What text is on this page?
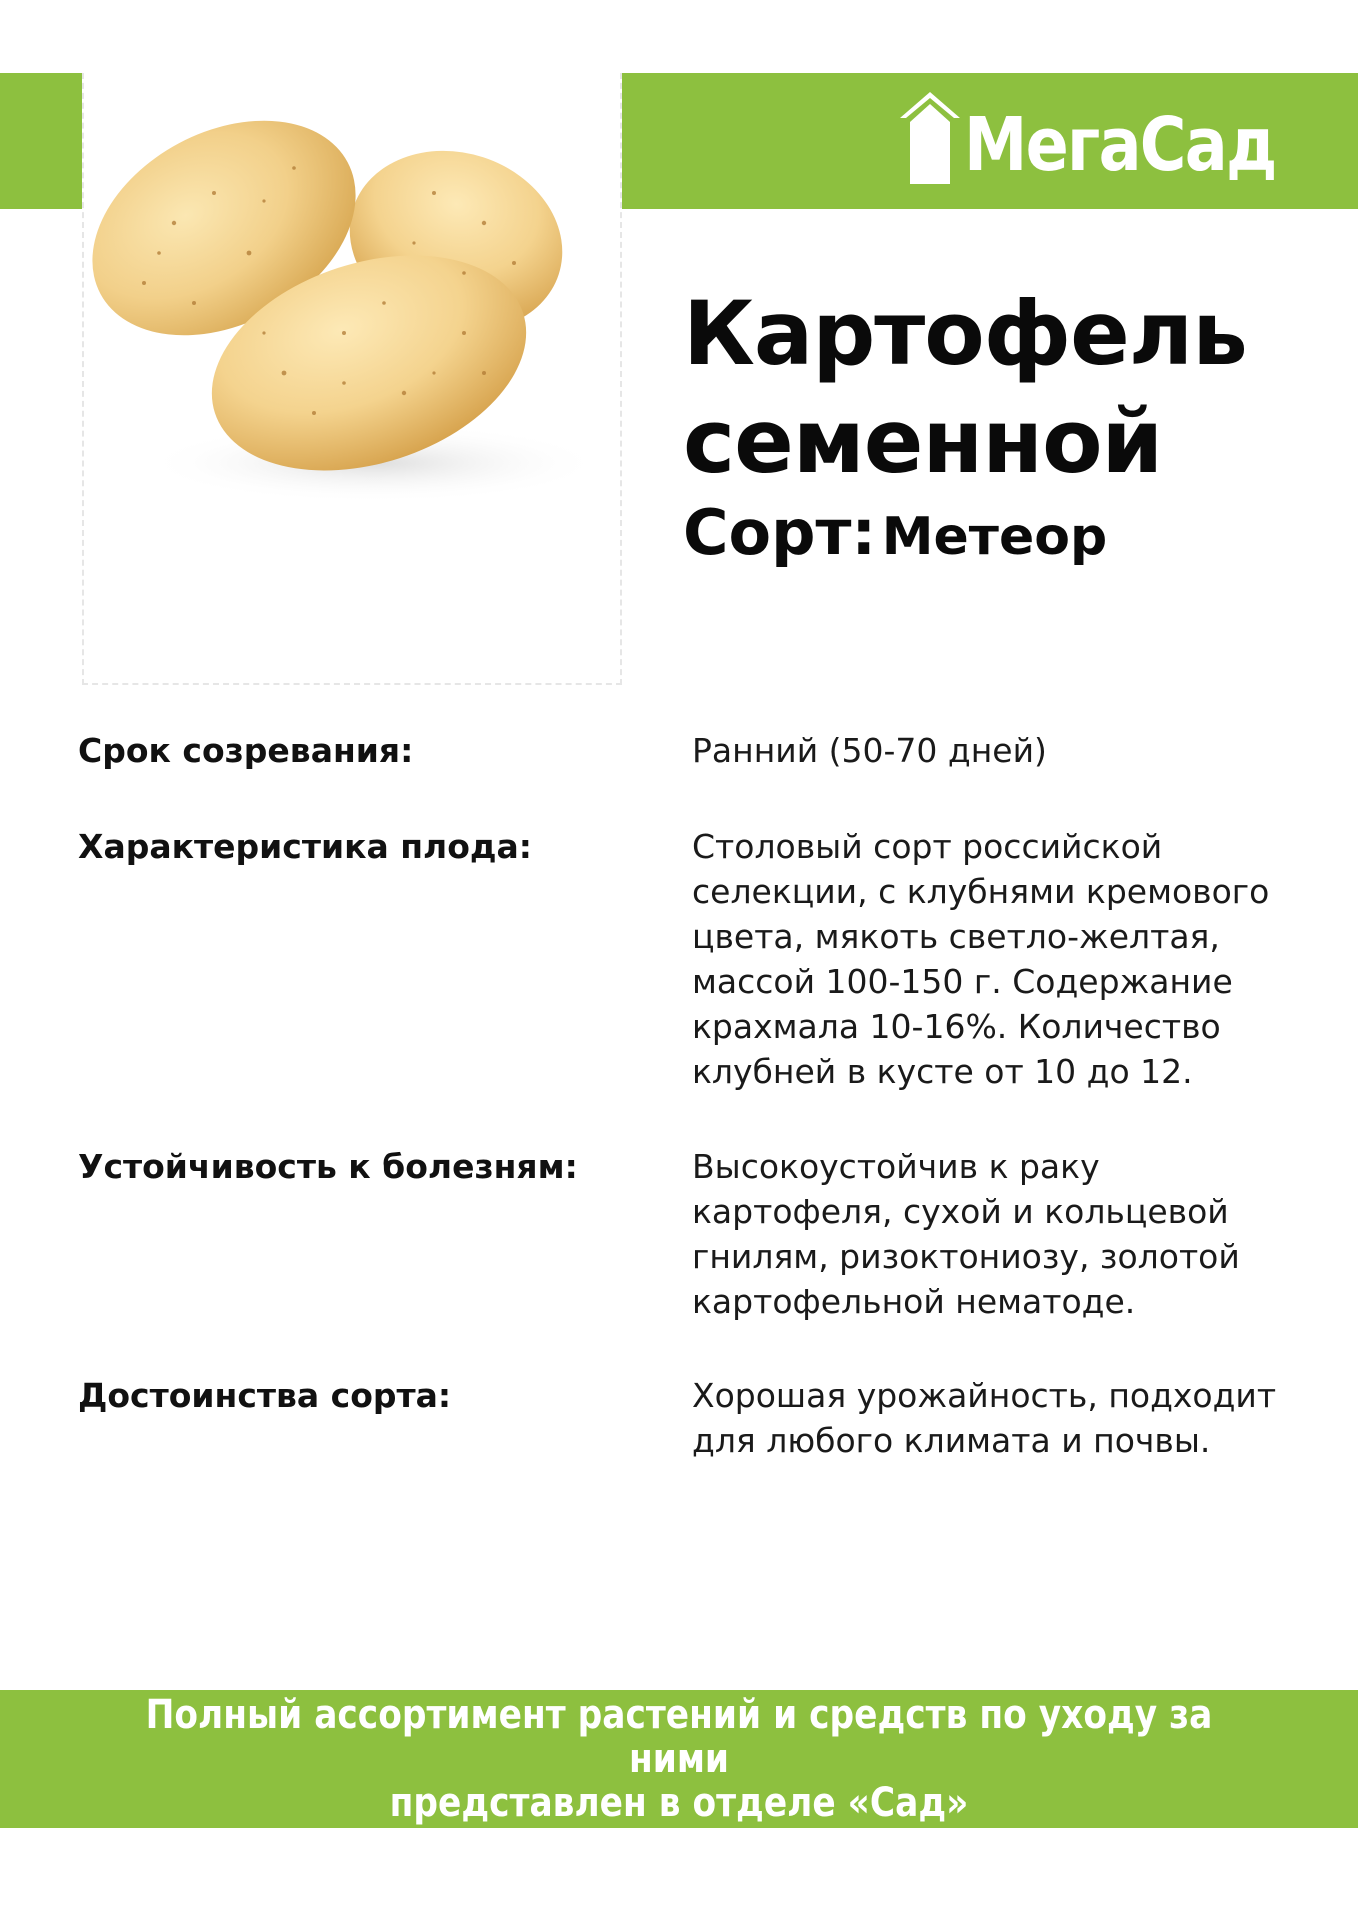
МегаСад
Картофель
семенной
Сорт: Метеор
Срок созревания:	Ранний (50-70 дней)
Характеристика плода:	Столовый сорт российской
селекции, с клубнями кремового
цвета, мякоть светло-желтая,
массой 100-150 г. Содержание
крахмала 10-16%. Количество
клубней в кусте от 10 до 12.
Устойчивость к болезням:	Высокоустойчив к раку
картофеля, сухой и кольцевой
гнилям, ризоктониозу, золотой
картофельной нематоде.
Достоинства сорта:	Хорошая урожайность, подходит
для любого климата и почвы.
Полный ассортимент растений и средств по уходу за ними
представлен в отделе «Сад»
